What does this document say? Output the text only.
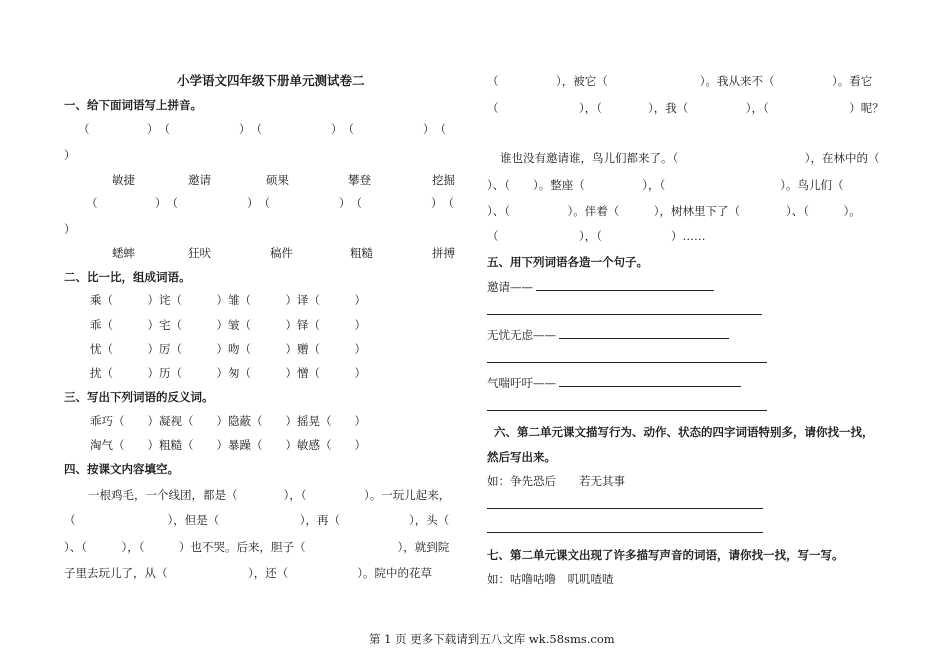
小学语文四年级下册单元测试卷二
一、给下面词语写上拼音。
（　　　　　）　（　　　　　　）　（　　　　　　）　（　　　　　　）　（
）
敏捷	邀请	硕果	攀登	挖掘
（　　　　　）　（　　　　　　）　（　　　　　　）　（　　　　　　）　（
）
蟋蟀	狂吠	稿件	粗糙	拼搏
二、比一比，组成词语。
乘（　　　）诧（　　　）雏（　　　）译（　　　）
乖（　　　）宅（　　　）皱（　　　）铎（　　　）
忧（　　　）厉（　　　）吻（　　　）赠（　　　）
扰（　　　）历（　　　）匆（　　　）憎（　　　）
三、写出下列词语的反义词。
乖巧（　　）凝视（　　）隐蔽（　　）摇晃（　　）
淘气（　　）粗糙（　　）暴躁（　　）敏感（　　）
四、按课文内容填空。
一根鸡毛，一个线团，都是（　　　　），（　　　　　）。一玩儿起来，
（　　　　　　　　），但是（　　　　　　　），再（　　　　　　），头（
）、（　　　），（　　　）也不哭。后来，胆子（　　　　　　　　），就到院
子里去玩儿了，从（　　　　　　　），还（　　　　　　）。院中的花草
（　　　　　），被它（　　　　　　　　）。我从来不（　　　　　）。看它
（　　　　　　　），（　　　　），我（　　　　　），（　　　　　　　）呢？
谁也没有邀请谁，鸟儿们都来了。（　　　　　　　　　　　），在林中的（
）、（　　）。整座（　　　　　），（　　　　　　　　　　）。鸟儿们（
）、（　　　　　）。伴着（　　　），树林里下了（　　　　）、（　　　）。
（　　　　　　　），（　　　　　　）……
五、用下列词语各造一个句子。
邀请——
无忧无虑——
气喘吁吁——
六、第二单元课文描写行为、动作、状态的四字词语特别多，请你找一找，
然后写出来。
如：争先恐后　　若无其事
七、第二单元课文出现了许多描写声音的词语，请你找一找，写一写。
如：咕噜咕噜　叽叽喳喳
第 1 页 更多下载请到五八文库 wk.58sms.com
